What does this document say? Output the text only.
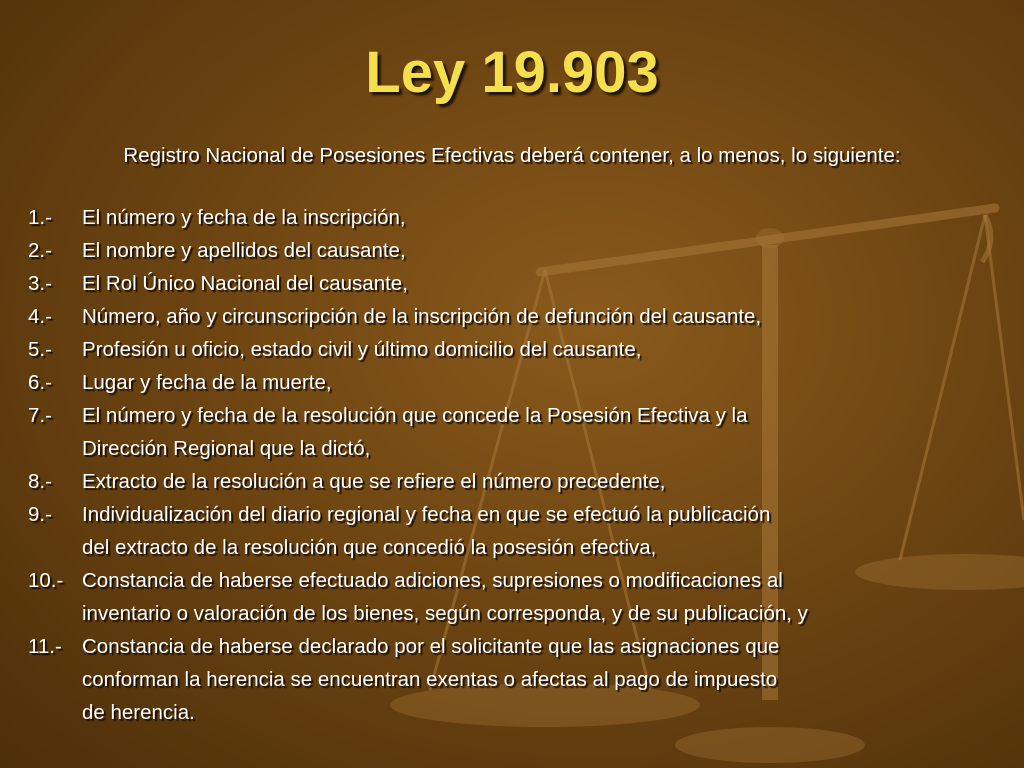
Ley 19.903
Registro Nacional de Posesiones Efectivas deberá contener, a lo menos, lo siguiente:
1.- El número y fecha de la inscripción,
2.- El nombre y apellidos del causante,
3.- El Rol Único Nacional del causante,
4.- Número, año y circunscripción de la inscripción de defunción del causante,
5.- Profesión u oficio, estado civil y último domicilio del causante,
6.- Lugar y fecha de la muerte,
7.- El número y fecha de la resolución que concede la Posesión Efectiva y la
Dirección Regional que la dictó,
8.- Extracto de la resolución a que se refiere el número precedente,
9.- Individualización del diario regional y fecha en que se efectuó la publicación
del extracto de la resolución que concedió la posesión efectiva,
10.- Constancia de haberse efectuado adiciones, supresiones o modificaciones al
inventario o valoración de los bienes, según corresponda, y de su publicación, y
11.- Constancia de haberse declarado por el solicitante que las asignaciones que
conforman la herencia se encuentran exentas o afectas al pago de impuesto
de herencia.
